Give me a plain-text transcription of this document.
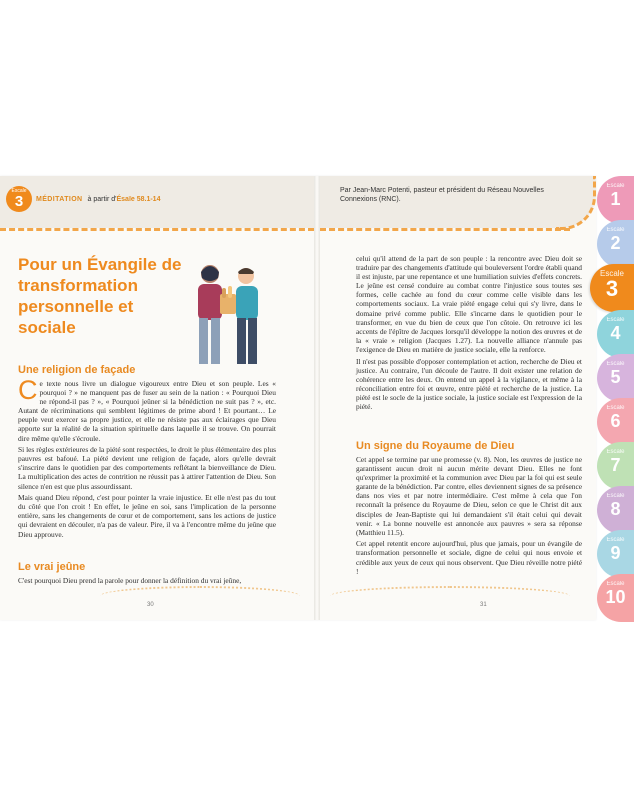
Escale
3	MÉDITATION à partir d'Ésaïe 58.1-14
Par Jean-Marc Potenti, pasteur et président du Réseau Nouvelles Connexions (RNC).
Pour un Évangile de transformation personnelle et sociale
Une religion de façade

Ce texte nous livre un dialogue vigoureux entre Dieu et son peuple. Les « pourquoi ? » ne manquent pas de fuser au sein de la nation : « Pourquoi Dieu ne répond-il pas ? », « Pourquoi jeûner si la bénédiction ne suit pas ? », etc. Autant de récriminations qui semblent légitimes de prime abord ! Et pourtant… Le peuple veut exercer sa propre justice, et elle ne résiste pas aux éclairages que Dieu apporte sur la réalité de la situation spirituelle dans laquelle il se trouve. On pourrait dire même qu'elle s'écroule.

Si les règles extérieures de la piété sont respectées, le droit le plus élémentaire des plus pauvres est bafoué. La piété devient une religion de façade, alors qu'elle devrait s'inscrire dans le quotidien par des comportements reflétant la bienveillance de Dieu. La multiplication des actes de contrition ne réussit pas à attirer l'attention de Dieu. Son silence n'en est que plus assourdissant.

Mais quand Dieu répond, c'est pour pointer la vraie injustice. Et elle n'est pas du tout du côté que l'on croit ! En effet, le jeûne en soi, sans l'implication de la personne entière, sans les changements de cœur et de comportement, sans les actions de justice qui devraient en découler, n'a pas de valeur. Pire, il va à l'encontre même du jeûne que Dieu approuve.

Le vrai jeûne

C'est pourquoi Dieu prend la parole pour donner la définition du vrai jeûne,

celui qu'il attend de la part de son peuple : la rencontre avec Dieu doit se traduire par des changements d'attitude qui bouleversent l'ordre établi quand il est injuste, par une repentance et une humiliation suivies d'effets concrets. Le jeûne est censé conduire au combat contre l'injustice sous toutes ses formes, celle cachée au fond du cœur comme celle visible dans les comportements sociaux. La vraie piété engage celui qui s'y livre, dans le domaine privé comme public. Elle s'incarne dans le quotidien pour le transformer, en vue du bien de ceux que l'on côtoie. On retrouve ici les accents de l'épître de Jacques lorsqu'il développe la notion des œuvres et de la « vraie » religion (Jacques 1.27). La nouvelle alliance n'annule pas l'exigence de Dieu en matière de justice sociale, elle la renforce.

Il n'est pas possible d'opposer contemplation et action, recherche de Dieu et justice. Au contraire, l'un découle de l'autre. Il doit exister une relation de cohérence entre les deux. On entend un appel à la vigilance, et même à la réconciliation entre foi et œuvre, entre piété et recherche de la justice. La piété est le socle de la justice sociale, la justice sociale est l'expression de la piété.

Un signe du Royaume de Dieu

Cet appel se termine par une promesse (v. 8). Non, les œuvres de justice ne garantissent aucun droit ni aucun mérite devant Dieu. Elles ne font qu'exprimer la proximité et la communion avec Dieu par la foi qui est seule garante de la bénédiction. Par contre, elles deviennent signes de sa présence dans nos vies et par notre intermédiaire. C'est même à cela que l'on reconnaît la présence du Royaume de Dieu, selon ce que le Christ dit aux disciples de Jean-Baptiste qui lui demandaient s'il était celui qui devait venir. « La bonne nouvelle est annoncée aux pauvres » sera sa réponse (Matthieu 11.5).

Cet appel retentit encore aujourd'hui, plus que jamais, pour un évangile de transformation personnelle et sociale, digne de celui qui nous envoie et crédible aux yeux de ceux qui nous observent. Que Dieu réveille notre piété !

30	31
Escale
1
Escale
2
Escale
3
Escale
4
Escale
5
Escale
6
Escale
7
Escale
8
Escale
9
Escale
10
